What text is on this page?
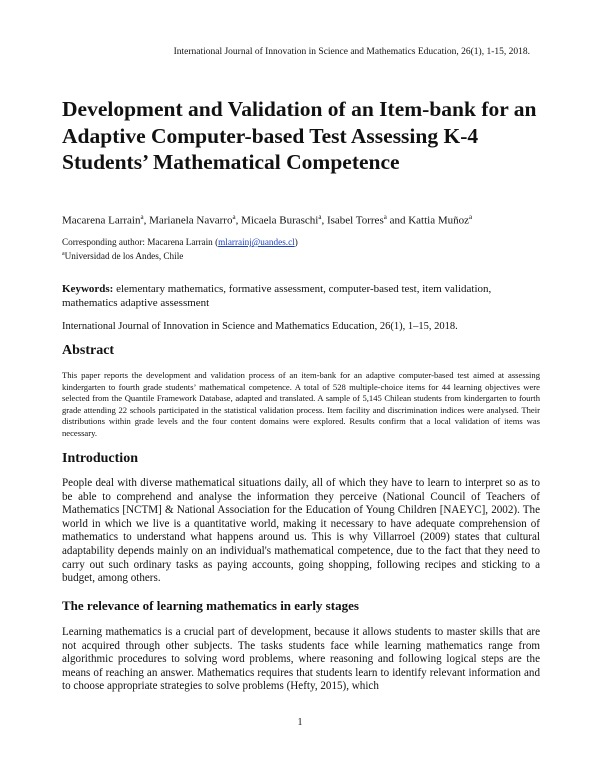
International Journal of Innovation in Science and Mathematics Education, 26(1), 1-15, 2018.
Development and Validation of an Item-bank for an Adaptive Computer-based Test Assessing K-4 Students’ Mathematical Competence
Macarena Larrain$^a$, Marianela Navarro$^a$, Micaela Buraschi$^a$, Isabel Torres$^a$ and Kattia Muñoz$^a$
Corresponding author: Macarena Larrain (mlarrainj@uandes.cl)
$^a$Universidad de los Andes, Chile
Keywords: elementary mathematics, formative assessment, computer-based test, item validation, mathematics adaptive assessment
International Journal of Innovation in Science and Mathematics Education, 26(1), 1–15, 2018.
Abstract
This paper reports the development and validation process of an item-bank for an adaptive computer-based test aimed at assessing kindergarten to fourth grade students’ mathematical competence. A total of 528 multiple-choice items for 44 learning objectives were selected from the Quantile Framework Database, adapted and translated. A sample of 5,145 Chilean students from kindergarten to fourth grade attending 22 schools participated in the statistical validation process. Item facility and discrimination indices were analysed. Their distributions within grade levels and the four content domains were explored. Results confirm that a local validation of items was necessary.
Introduction
People deal with diverse mathematical situations daily, all of which they have to learn to interpret so as to be able to comprehend and analyse the information they perceive (National Council of Teachers of Mathematics [NCTM] & National Association for the Education of Young Children [NAEYC], 2002). The world in which we live is a quantitative world, making it necessary to have adequate comprehension of mathematics to understand what happens around us. This is why Villarroel (2009) states that cultural adaptability depends mainly on an individual's mathematical competence, due to the fact that they need to carry out such ordinary tasks as paying accounts, going shopping, following recipes and sticking to a budget, among others.
The relevance of learning mathematics in early stages
Learning mathematics is a crucial part of development, because it allows students to master skills that are not acquired through other subjects. The tasks students face while learning mathematics range from algorithmic procedures to solving word problems, where reasoning and following logical steps are the means of reaching an answer. Mathematics requires that students learn to identify relevant information and to choose appropriate strategies to solve problems (Hefty, 2015), which
1
